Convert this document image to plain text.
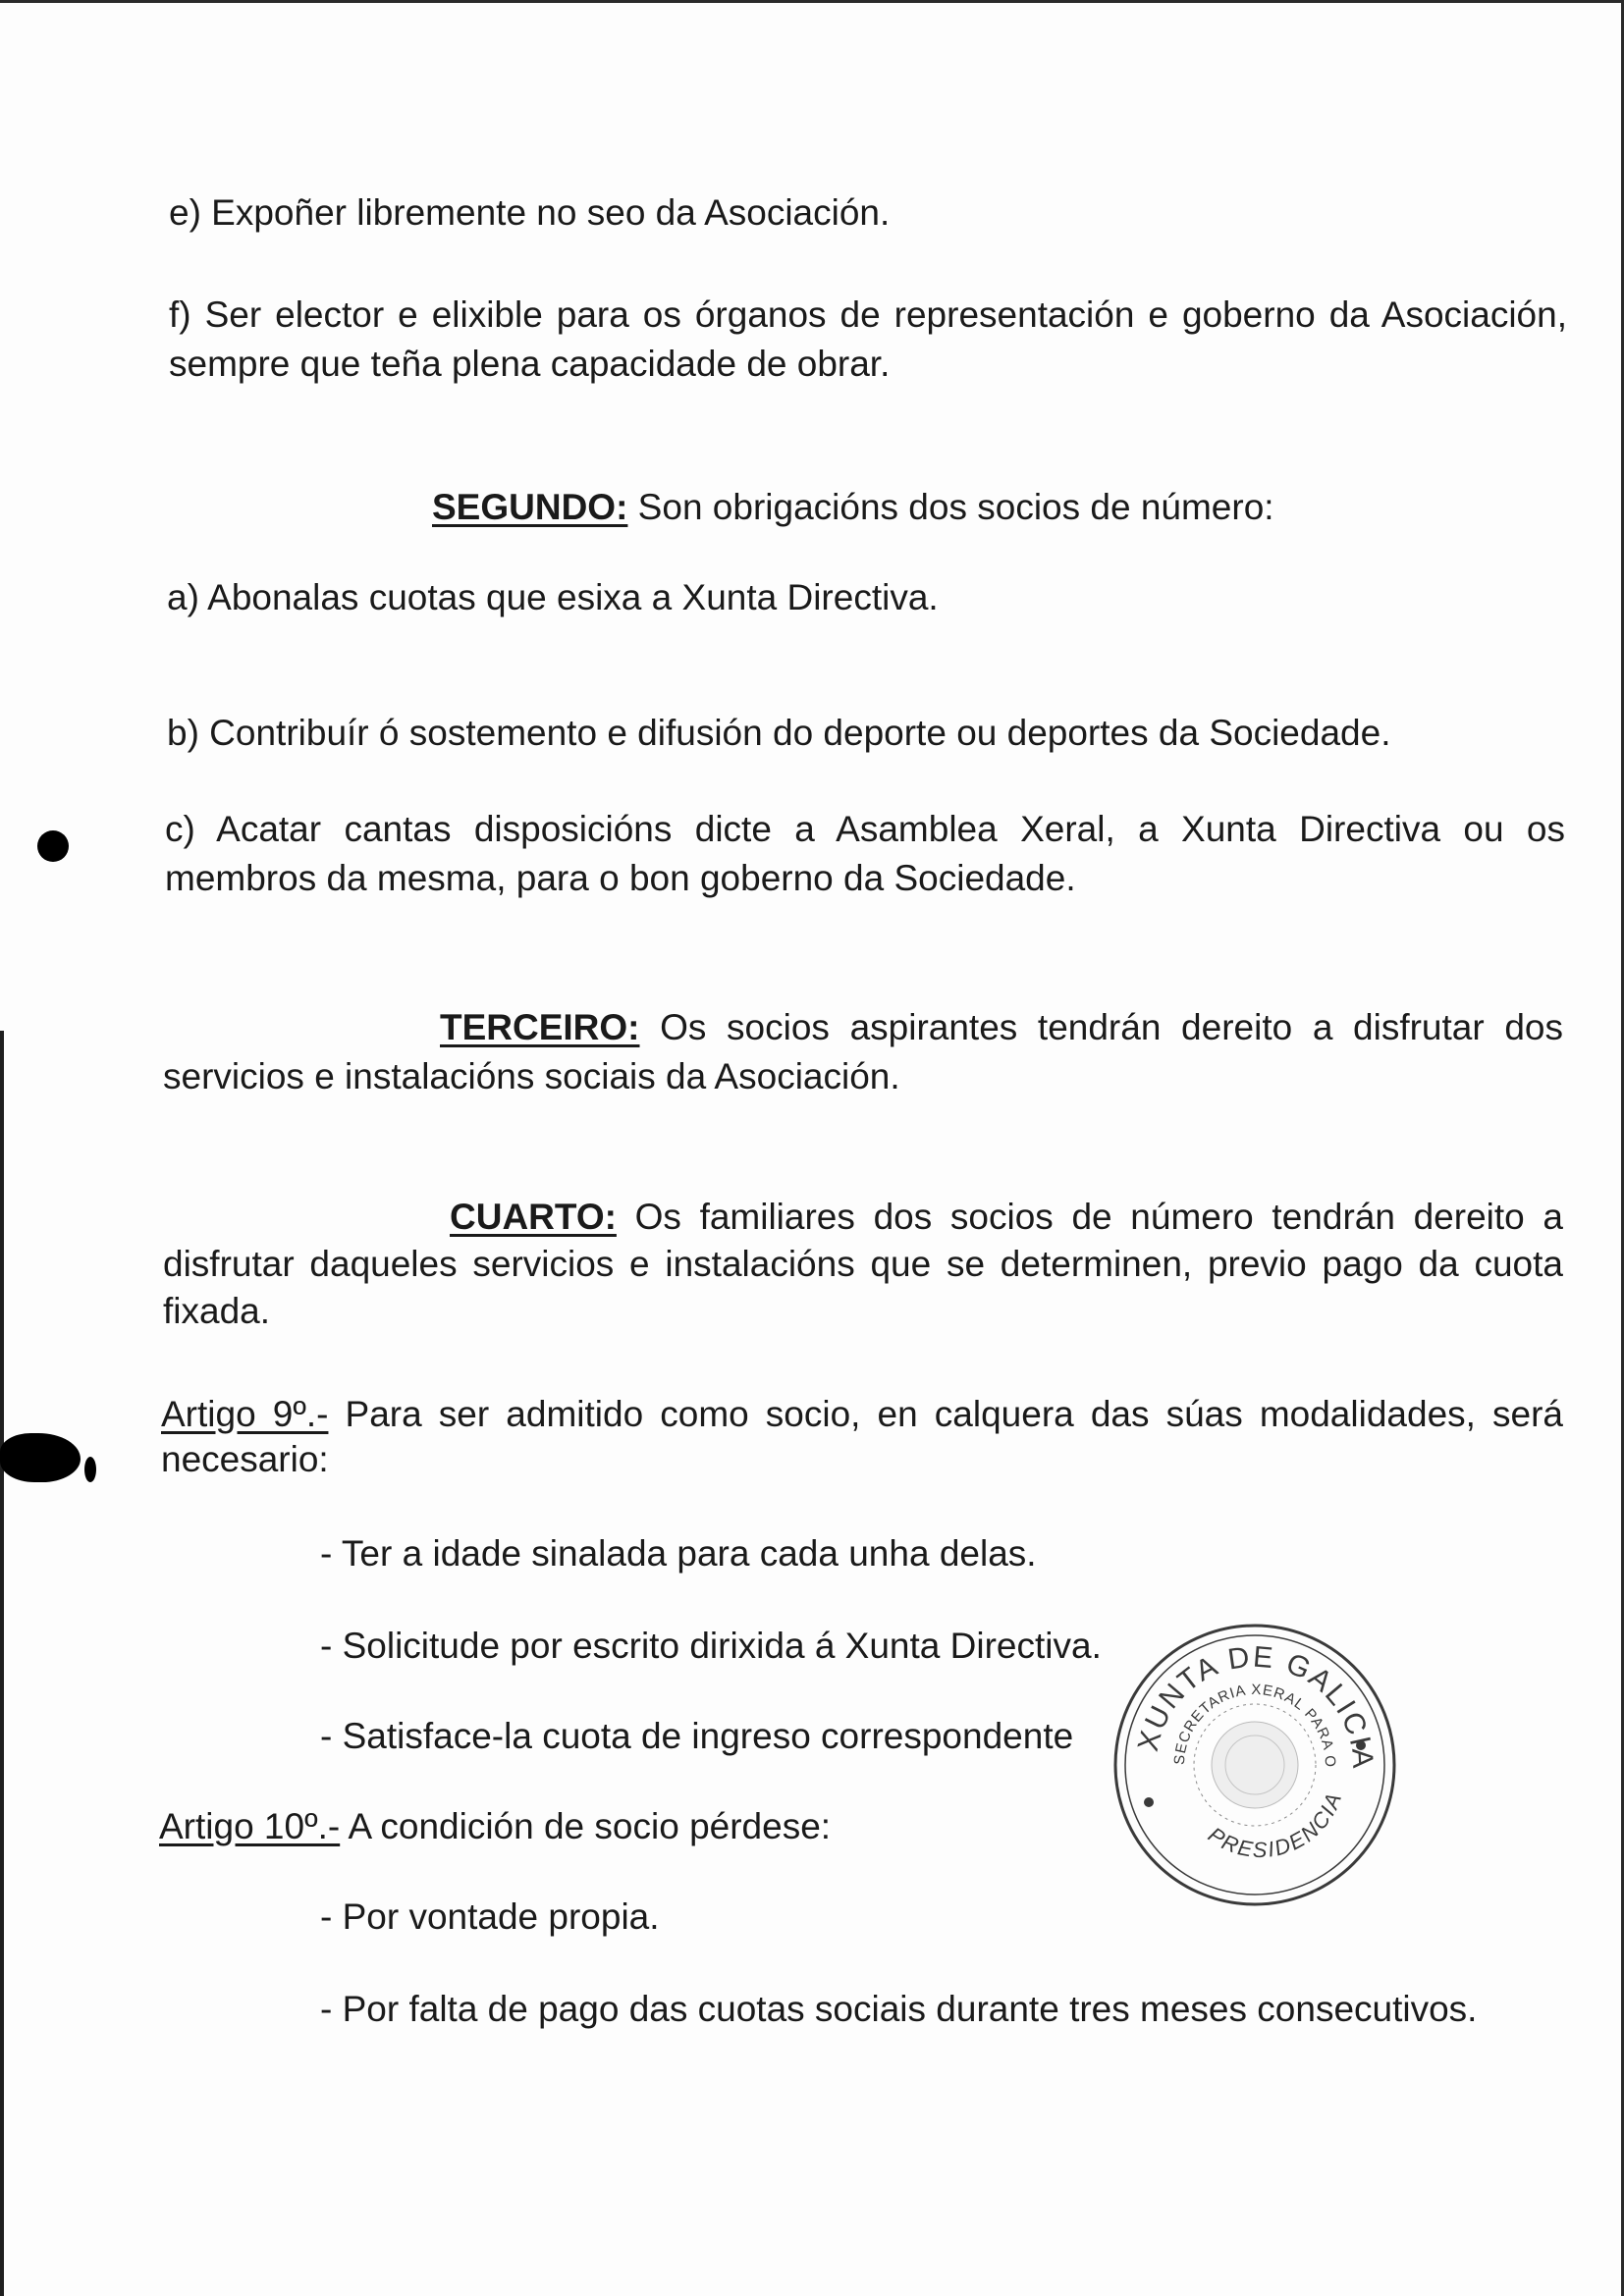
e) Expoñer libremente no seo da Asociación.

f) Ser elector e elixible para os órganos de representación e goberno da Asociación, sempre que teña plena capacidade de obrar.

SEGUNDO: Son obrigacións dos socios de número:

a) Abonalas cuotas que esixa a Xunta Directiva.

b) Contribuír ó sostemento e difusión do deporte ou deportes da Sociedade.

c) Acatar cantas disposicións dicte a Asamblea Xeral, a Xunta Directiva ou os membros da mesma, para o bon goberno da Sociedade.

TERCEIRO: Os socios aspirantes tendrán dereito a disfrutar dos servicios e instalacións sociais da Asociación.

CUARTO: Os familiares dos socios de número tendrán dereito a disfrutar daqueles servicios e instalacións que se determinen, previo pago da cuota fixada.

Artigo 9º.- Para ser admitido como socio, en calquera das súas modalidades, será necesario:

- Ter a idade sinalada para cada unha delas.

- Solicitude por escrito dirixida á Xunta Directiva.

- Satisface-la cuota de ingreso correspondente

Artigo 10º.- A condición de socio pérdese:

- Por vontade propia.

- Por falta de pago das cuotas sociais durante tres meses consecutivos.

XUNTA DE GALICIA
SECRETARIA XERAL PARA O
PRESIDENCIA
